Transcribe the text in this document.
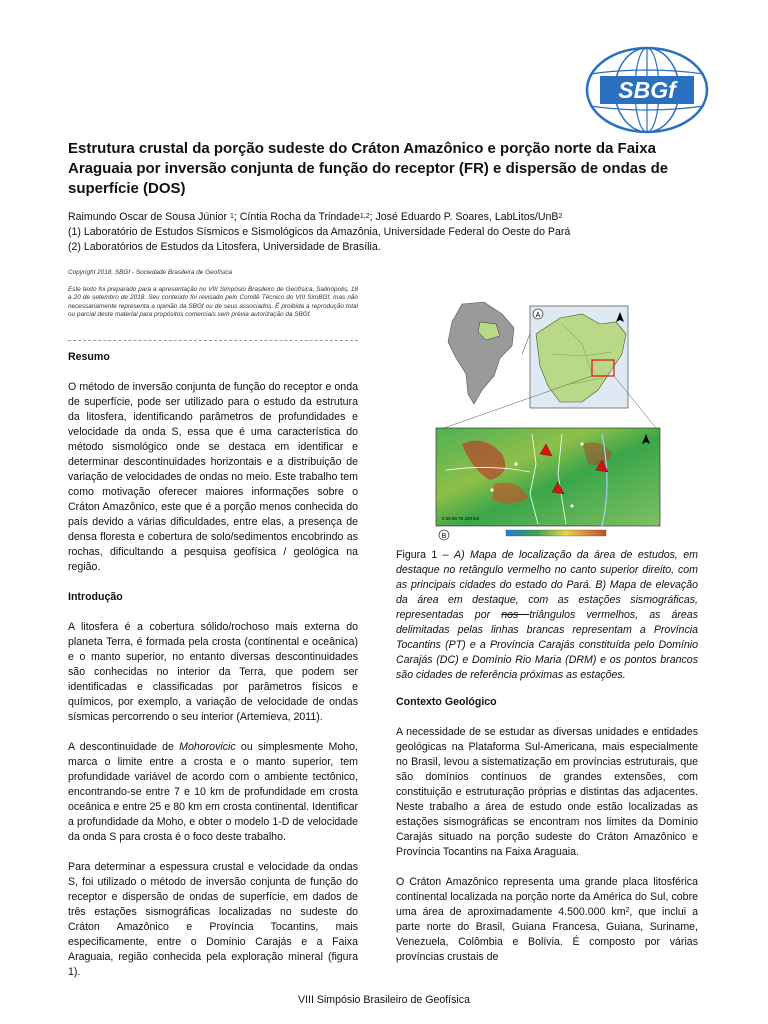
SBGf
Estrutura crustal da porção sudeste do Cráton Amazônico e porção norte da Faixa Araguaia por inversão conjunta de função do receptor (FR) e dispersão de ondas de superfície (DOS)
Raimundo Oscar de Sousa Júnior $^1$; Cíntia Rocha da Trindade$^{1,2}$; José Eduardo P. Soares, LabLitos/UnB$^2$
(1) Laboratório de Estudos Sísmicos e Sismológicos da Amazônia, Universidade Federal do Oeste do Pará
(2) Laboratórios de Estudos da Litosfera, Universidade de Brasília.
Copyright 2018, SBGf - Sociedade Brasileira de Geofísica
Este texto foi preparado para a apresentação no VIII Simpósio Brasileiro de Geofísica, Salinópolis, 18 a 20 de setembro de 2018. Seu conteúdo foi revisado pelo Comitê Técnico do VIII SimBGf, mas não necessariamente representa a opinião da SBGf ou de seus associados. É proibida a reprodução total ou parcial deste material para propósitos comerciais sem prévia autorização da SBGf.
Resumo

O método de inversão conjunta de função do receptor e onda de superfície, pode ser utilizado para o estudo da estrutura da litosfera, identificando parâmetros de profundidades e velocidade da onda S, essa que é uma característica do método sismológico onde se destaca em identificar e determinar descontinuidades horizontais e a distribuição de variação de velocidades de ondas no meio. Este trabalho tem como motivação oferecer maiores informações sobre o Cráton Amazônico, este que é a porção menos conhecida do país devido a várias dificuldades, entre elas, a presença de densa floresta e cobertura de solo/sedimentos encobrindo as rochas, dificultando a pesquisa geofísica / geológica na região.

Introdução

A litosfera é a cobertura sólido/rochoso mais externa do planeta Terra, é formada pela crosta (continental e oceânica) e o manto superior, no entanto diversas descontinuidades são conhecidas no interior da Terra, que podem ser identificadas e classificadas por parâmetros físicos e químicos, por exemplo, a variação de velocidade de ondas sísmicas percorrendo o seu interior (Artemieva, 2011).

A descontinuidade de Mohorovicic ou simplesmente Moho, marca o limite entre a crosta e o manto superior, tem profundidade variável de acordo com o ambiente tectônico, encontrando-se entre 7 e 10 km de profundidade em crosta oceânica e entre 25 e 80 km em crosta continental. Identificar a profundidade da Moho, e obter o modelo 1-D de velocidade da onda S para crosta é o foco deste trabalho.

Para determinar a espessura crustal e velocidade da ondas S, foi utilizado o método de inversão conjunta de função do receptor e dispersão de ondas de superfície, em dados de três estações sismográficas localizadas no sudeste do Cráton Amazônico e Província Tocantins, mais especificamente, entre o Domínio Carajás e a Faixa Araguaia, região conhecida pela exploração mineral (figura 1).

A
0 25 50 75 100 km
B
Figura 1 – A) Mapa de localização da área de estudos, em destaque no retângulo vermelho no canto superior direito, com as principais cidades do estado do Pará. B) Mapa de elevação da área em destaque, com as estações sismográficas, representadas por nos triângulos vermelhos, as áreas delimitadas pelas linhas brancas representam a Província Tocantins (PT) e a Província Carajás constituída pelo Domínio Carajás (DC) e Domínio Rio Maria (DRM) e os pontos brancos são cidades de referência próximas as estações.
Contexto Geológico

A necessidade de se estudar as diversas unidades e entidades geológicas na Plataforma Sul-Americana, mais especialmente no Brasil, levou a sistematização em províncias estruturais, que são domínios contínuos de grandes extensões, com constituição e estruturação próprias e distintas das adjacentes. Neste trabalho a área de estudo onde estão localizadas as estações sismográficas se encontram nos limites da Domínio Carajás situado na porção sudeste do Cráton Amazônico e Província Tocantins na Faixa Araguaia.

O Cráton Amazônico representa uma grande placa litosférica continental localizada na porção norte da América do Sul, cobre uma área de aproximadamente 4.500.000 $km^2$, que inclui a parte norte do Brasil, Guiana Francesa, Guiana, Suriname, Venezuela, Colômbia e Bolívia. É composto por várias províncias crustais de

VIII Simpósio Brasileiro de Geofísica
